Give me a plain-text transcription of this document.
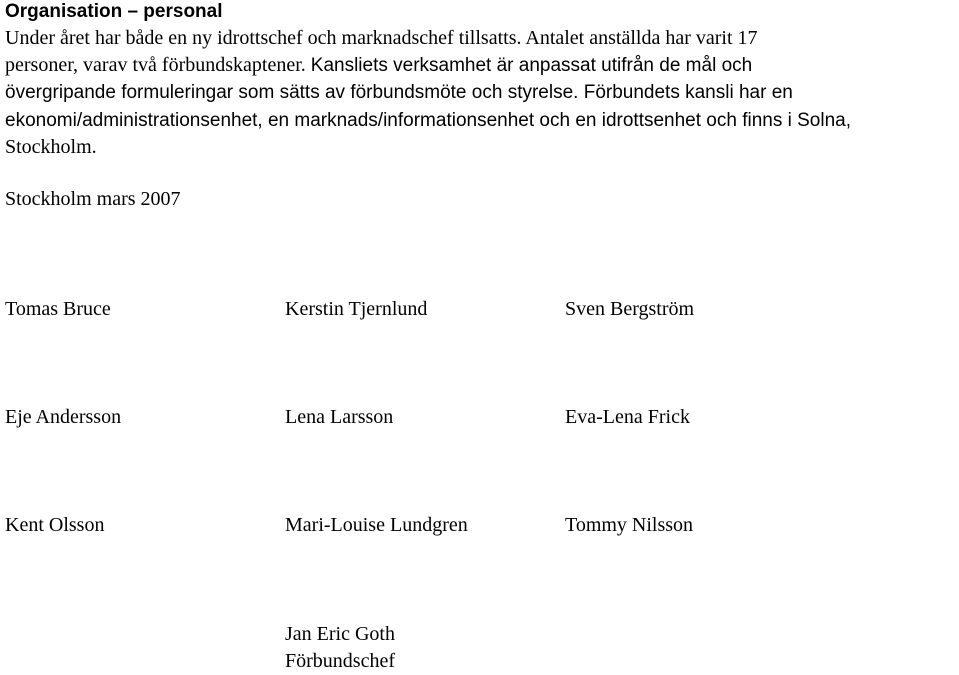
Organisation – personal
Under året har både en ny idrottschef och marknadschef tillsatts. Antalet anställda har varit 17
personer, varav två förbundskaptener. Kansliets verksamhet är anpassat utifrån de mål och
övergripande formuleringar som sätts av förbundsmöte och styrelse. Förbundets kansli har en
ekonomi/administrationsenhet, en marknads/informationsenhet och en idrottsenhet och finns i Solna,
Stockholm.
Stockholm mars 2007
Tomas Bruce	Kerstin Tjernlund	Sven Bergström
Eje Andersson	Lena Larsson	Eva-Lena Frick
Kent Olsson	Mari-Louise Lundgren	Tommy Nilsson
Jan Eric Goth
Förbundschef
